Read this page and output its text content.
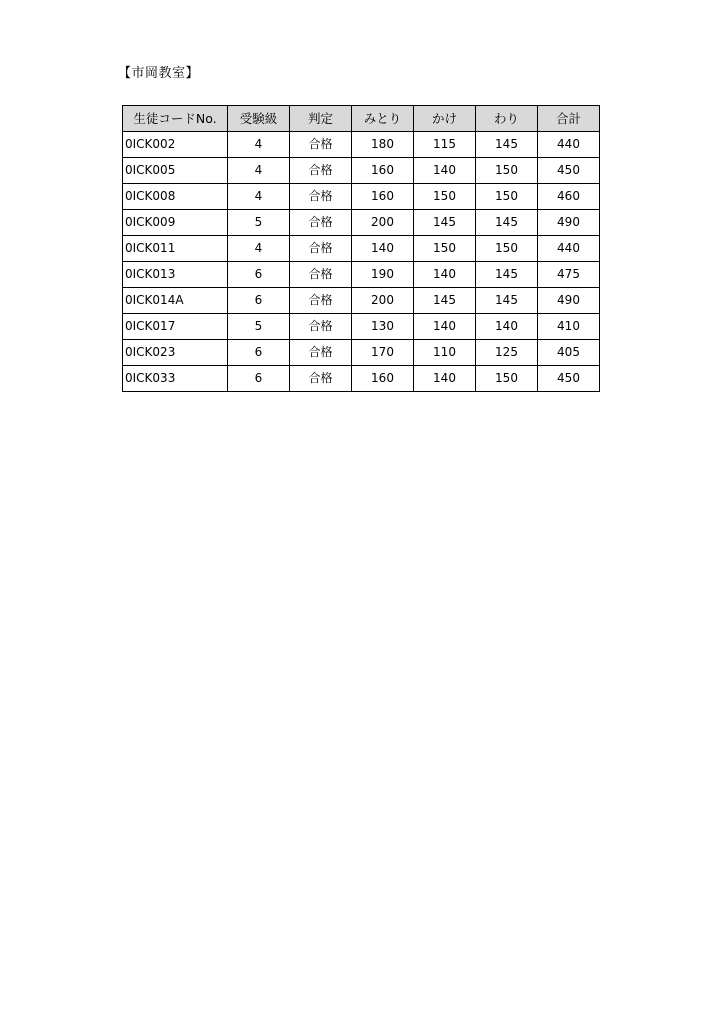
【市岡教室】
生徒コードNo.	受験級	判定	みとり	かけ	わり	合計
0ICK002	4	合格	180	115	145	440
0ICK005	4	合格	160	140	150	450
0ICK008	4	合格	160	150	150	460
0ICK009	5	合格	200	145	145	490
0ICK011	4	合格	140	150	150	440
0ICK013	6	合格	190	140	145	475
0ICK014A	6	合格	200	145	145	490
0ICK017	5	合格	130	140	140	410
0ICK023	6	合格	170	110	125	405
0ICK033	6	合格	160	140	150	450
